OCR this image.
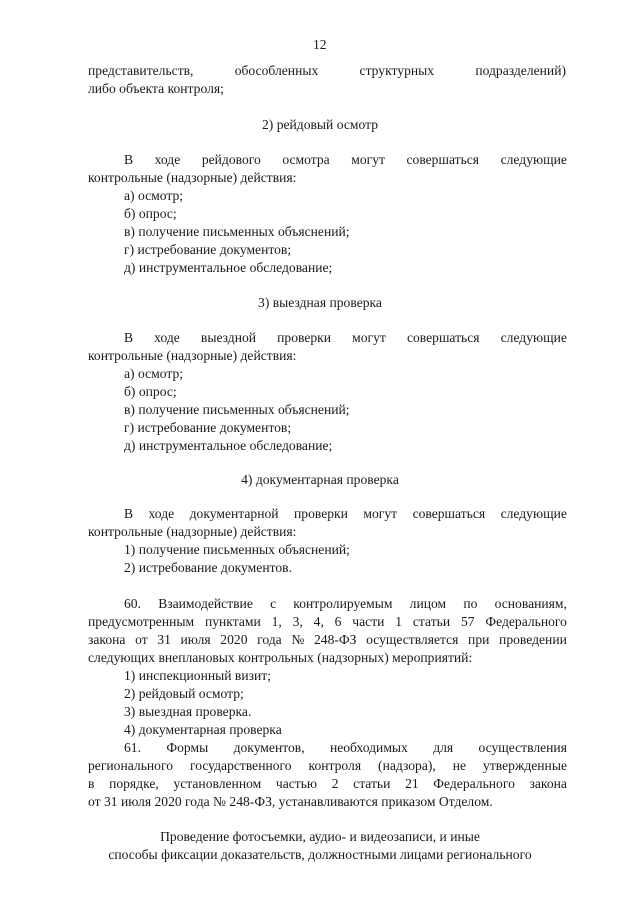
12
представительств,	обособленных	структурных	подразделений)
либо объекта контроля;
2) рейдовый осмотр
В ходе рейдового осмотра могут совершаться следующие
контрольные (надзорные) действия:
а) осмотр;
б) опрос;
в) получение письменных объяснений;
г) истребование документов;
д) инструментальное обследование;
3) выездная проверка
В ходе выездной проверки могут совершаться следующие
контрольные (надзорные) действия:
а) осмотр;
б) опрос;
в) получение письменных объяснений;
г) истребование документов;
д) инструментальное обследование;
4) документарная проверка
В ходе документарной проверки могут совершаться следующие
контрольные (надзорные) действия:
1) получение письменных объяснений;
2) истребование документов.
60. Взаимодействие с контролируемым лицом по основаниям,
предусмотренным пунктами 1, 3, 4, 6 части 1 статьи 57 Федерального
закона от 31 июля 2020 года № 248-ФЗ осуществляется при проведении
следующих внеплановых контрольных (надзорных) мероприятий:
1) инспекционный визит;
2) рейдовый осмотр;
3) выездная проверка.
4) документарная проверка
61. Формы документов, необходимых для осуществления
регионального государственного контроля (надзора), не утвержденные
в порядке, установленном частью 2 статьи 21 Федерального закона
от 31 июля 2020 года № 248-ФЗ, устанавливаются приказом Отделом.
Проведение фотосъемки, аудио- и видеозаписи, и иные
способы фиксации доказательств, должностными лицами регионального
